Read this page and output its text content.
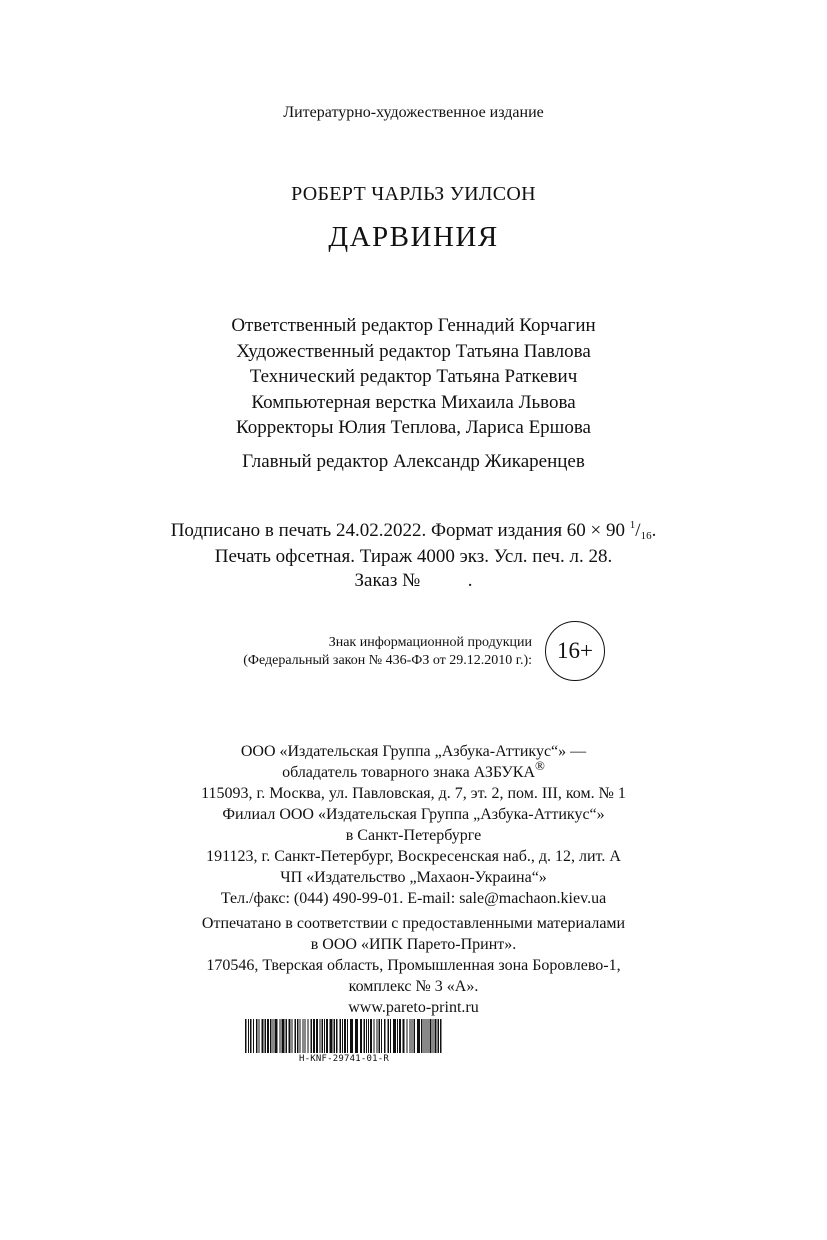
Литературно-художественное издание
РОБЕРТ ЧАРЛЬЗ УИЛСОН
ДАРВИНИЯ
Ответственный редактор Геннадий Корчагин
Художественный редактор Татьяна Павлова
Технический редактор Татьяна Раткевич
Компьютерная верстка Михаила Львова
Корректоры Юлия Теплова, Лариса Ершова
Главный редактор Александр Жикаренцев
Подписано в печать 24.02.2022. Формат издания 60 × 90 $^1$/16.
Печать офсетная. Тираж 4000 экз. Усл. печ. л. 28.
Заказ №          .
Знак информационной продукции
(Федеральный закон № 436-ФЗ от 29.12.2010 г.):	16+
ООО «Издательская Группа „Азбука-Аттикус“» —
обладатель товарного знака АЗБУКА®
115093, г. Москва, ул. Павловская, д. 7, эт. 2, пом. III, ком. № 1
Филиал ООО «Издательская Группа „Азбука-Аттикус“»
в Санкт-Петербурге
191123, г. Санкт-Петербург, Воскресенская наб., д. 12, лит. А
ЧП «Издательство „Махаон-Украина“»
Тел./факс: (044) 490-99-01. E-mail: sale@machaon.kiev.ua
Отпечатано в соответствии с предоставленными материалами
в ООО «ИПК Парето-Принт».
170546, Тверская область, Промышленная зона Боровлево-1,
комплекс № 3 «А».
www.pareto-print.ru
H-KNF-29741-01-R
